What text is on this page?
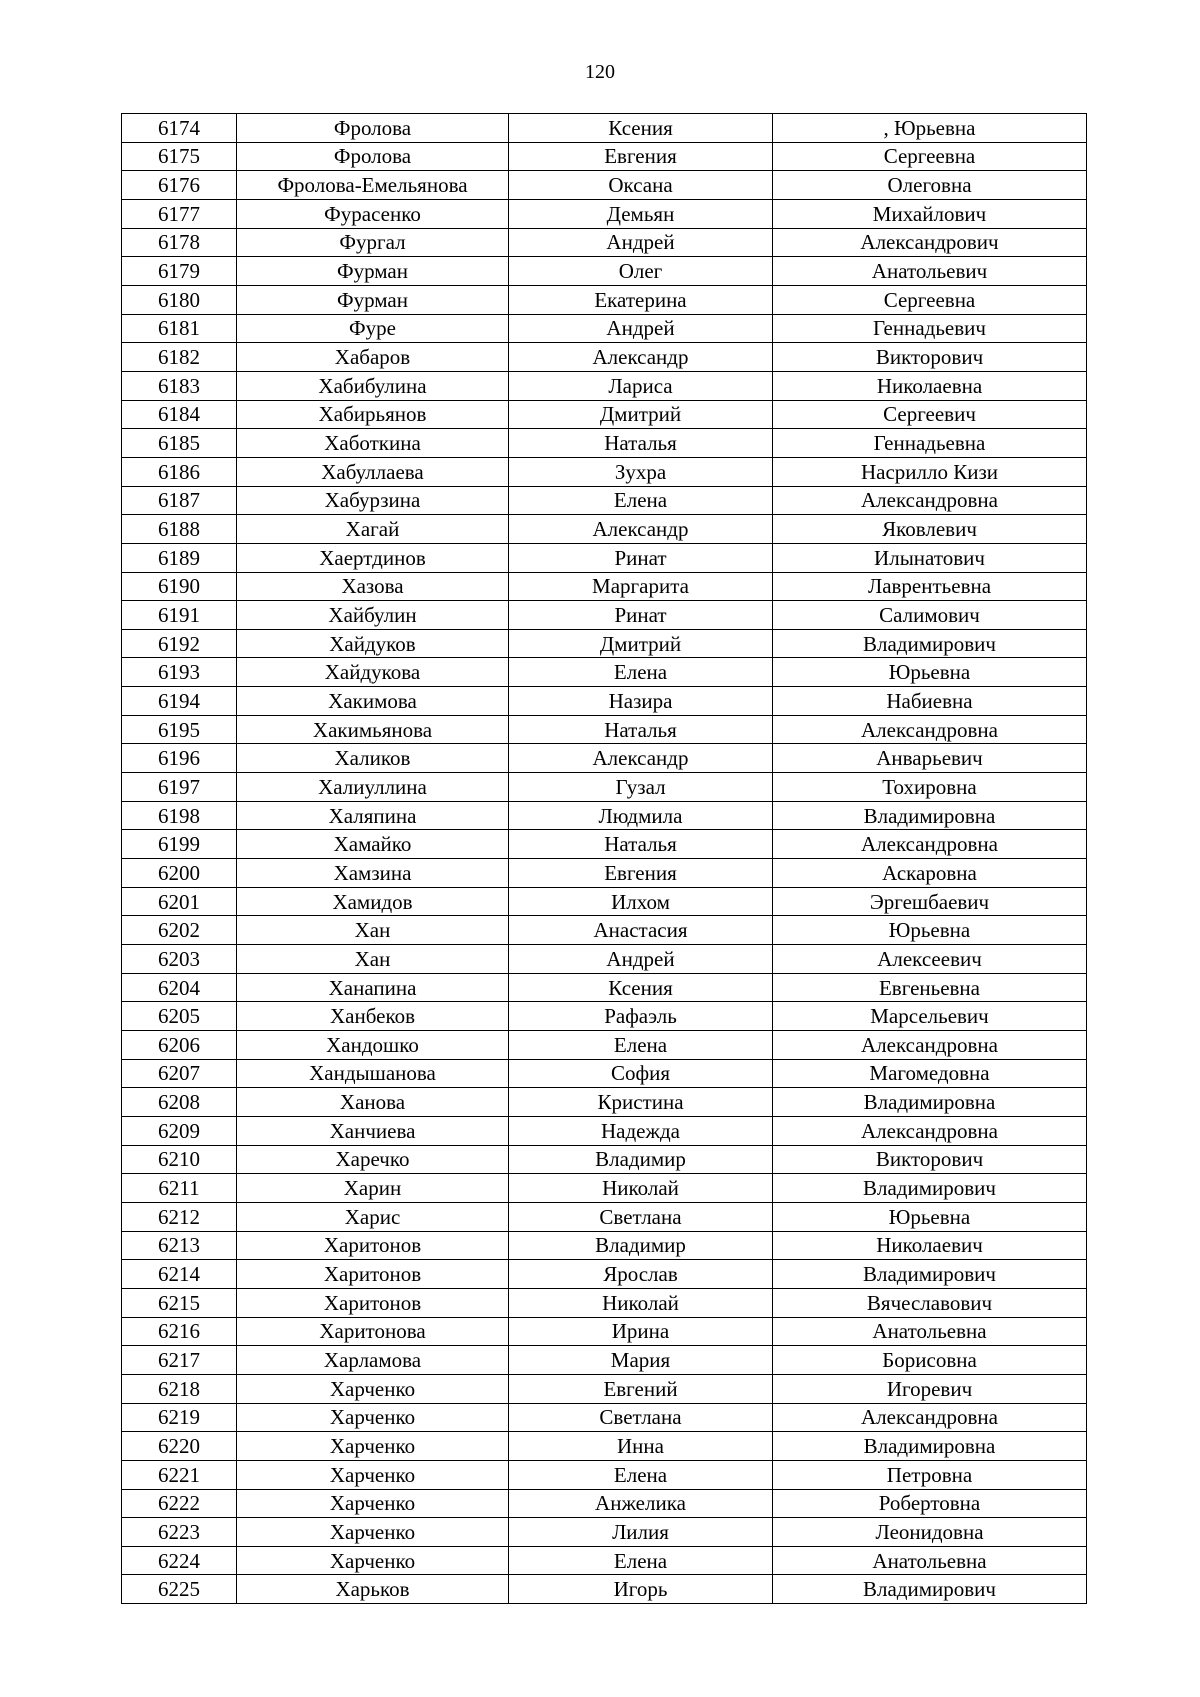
120
6174	Фролова	Ксения	, Юрьевна
6175	Фролова	Евгения	Сергеевна
6176	Фролова-Емельянова	Оксана	Олеговна
6177	Фурасенко	Демьян	Михайлович
6178	Фургал	Андрей	Александрович
6179	Фурман	Олег	Анатольевич
6180	Фурман	Екатерина	Сергеевна
6181	Фуре	Андрей	Геннадьевич
6182	Хабаров	Александр	Викторович
6183	Хабибулина	Лариса	Николаевна
6184	Хабирьянов	Дмитрий	Сергеевич
6185	Хаботкина	Наталья	Геннадьевна
6186	Хабуллаева	Зухра	Насрилло Кизи
6187	Хабурзина	Елена	Александровна
6188	Хагай	Александр	Яковлевич
6189	Хаертдинов	Ринат	Илынатович
6190	Хазова	Маргарита	Лаврентьевна
6191	Хайбулин	Ринат	Салимович
6192	Хайдуков	Дмитрий	Владимирович
6193	Хайдукова	Елена	Юрьевна
6194	Хакимова	Назира	Набиевна
6195	Хакимьянова	Наталья	Александровна
6196	Халиков	Александр	Анварьевич
6197	Халиуллина	Гузал	Тохировна
6198	Халяпина	Людмила	Владимировна
6199	Хамайко	Наталья	Александровна
6200	Хамзина	Евгения	Аскаровна
6201	Хамидов	Илхом	Эргешбаевич
6202	Хан	Анастасия	Юрьевна
6203	Хан	Андрей	Алексеевич
6204	Ханапина	Ксения	Евгеньевна
6205	Ханбеков	Рафаэль	Марсельевич
6206	Хандошко	Елена	Александровна
6207	Хандышанова	София	Магомедовна
6208	Ханова	Кристина	Владимировна
6209	Ханчиева	Надежда	Александровна
6210	Харечко	Владимир	Викторович
6211	Харин	Николай	Владимирович
6212	Харис	Светлана	Юрьевна
6213	Харитонов	Владимир	Николаевич
6214	Харитонов	Ярослав	Владимирович
6215	Харитонов	Николай	Вячеславович
6216	Харитонова	Ирина	Анатольевна
6217	Харламова	Мария	Борисовна
6218	Харченко	Евгений	Игоревич
6219	Харченко	Светлана	Александровна
6220	Харченко	Инна	Владимировна
6221	Харченко	Елена	Петровна
6222	Харченко	Анжелика	Робертовна
6223	Харченко	Лилия	Леонидовна
6224	Харченко	Елена	Анатольевна
6225	Харьков	Игорь	Владимирович
